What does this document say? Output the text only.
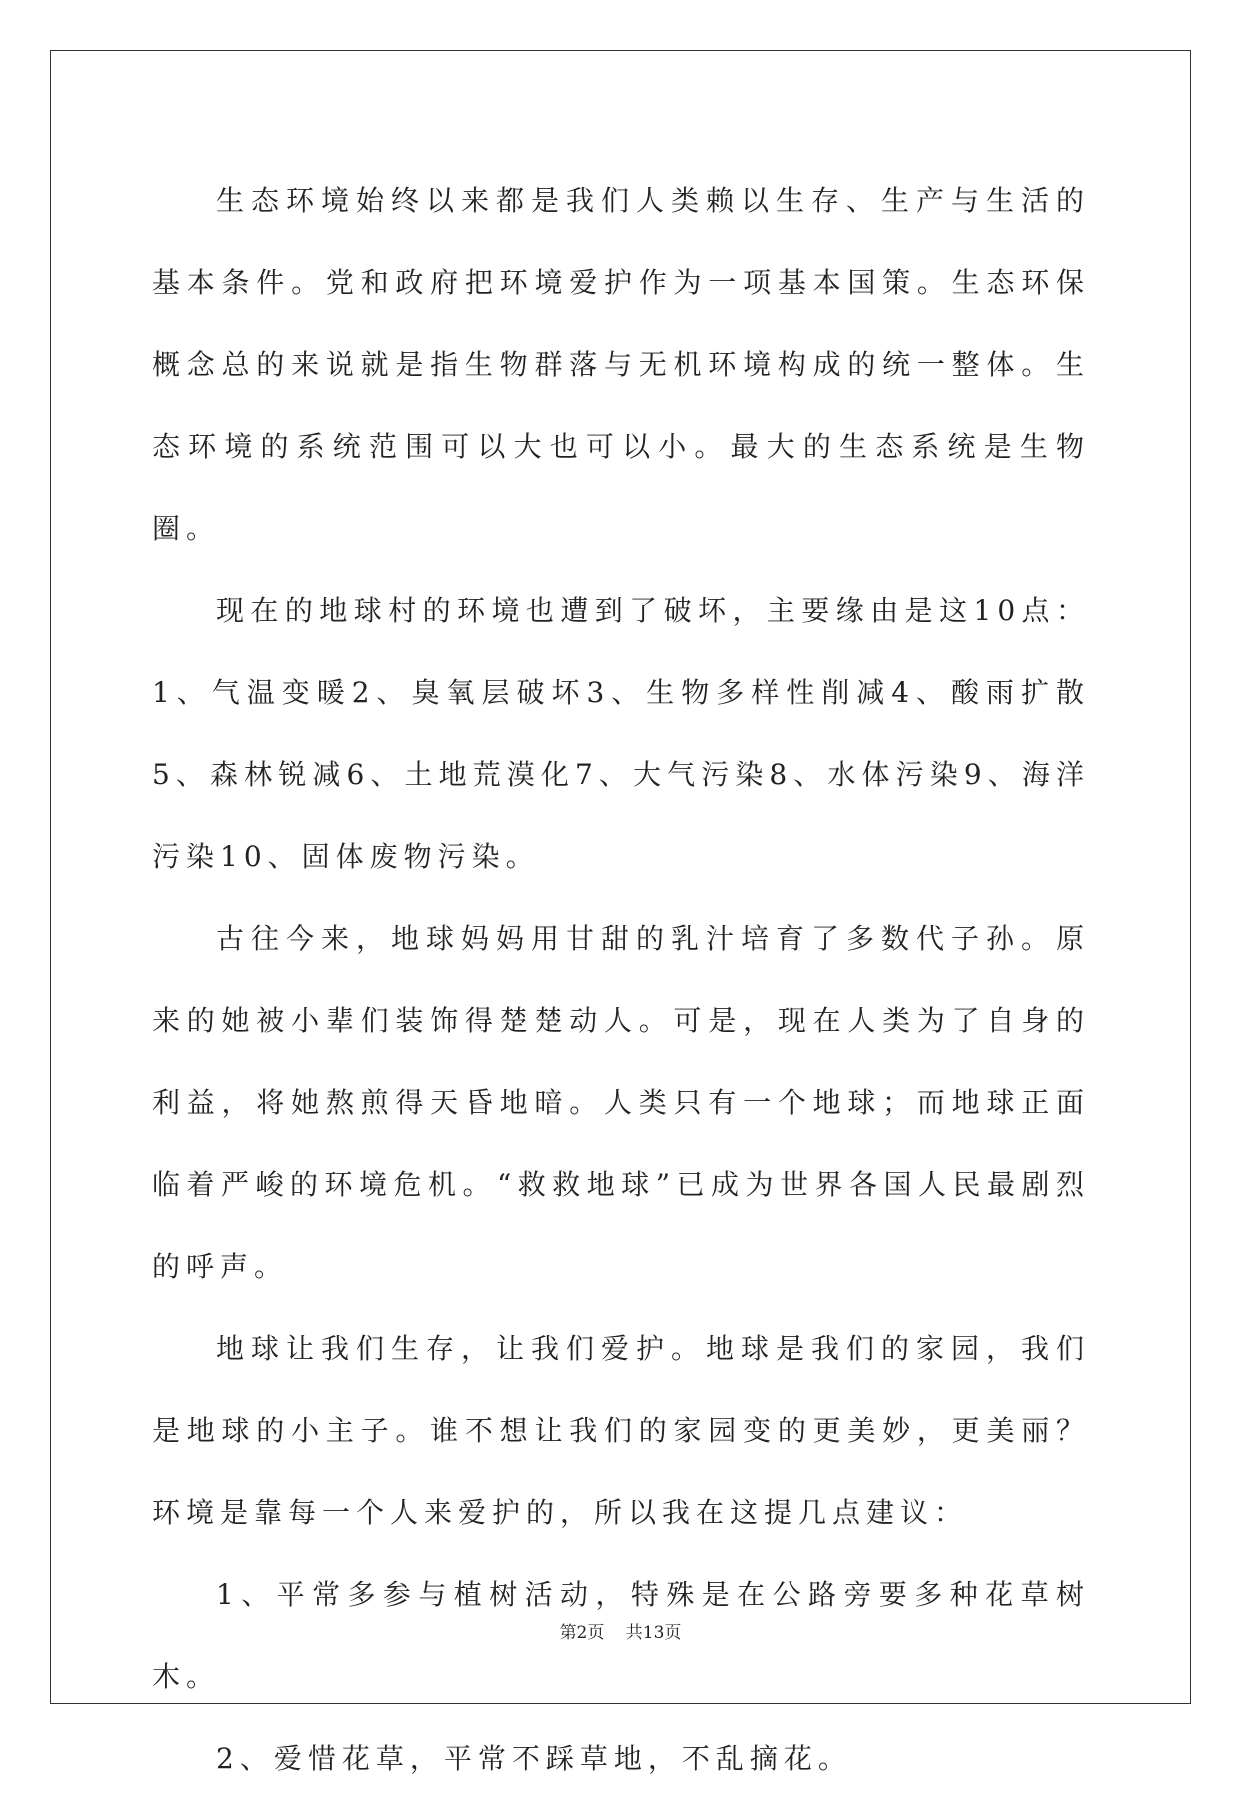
生态环境始终以来都是我们人类赖以生存、生产与生活的基本条件。党和政府把环境爱护作为一项基本国策。生态环保概念总的来说就是指生物群落与无机环境构成的统一整体。生态环境的系统范围可以大也可以小。最大的生态系统是生物圈。

现在的地球村的环境也遭到了破坏，主要缘由是这10点：1、气温变暖2、臭氧层破坏3、生物多样性削减4、酸雨扩散5、森林锐减6、土地荒漠化7、大气污染8、水体污染9、海洋污染10、固体废物污染。

古往今来，地球妈妈用甘甜的乳汁培育了多数代子孙。原来的她被小辈们装饰得楚楚动人。可是，现在人类为了自身的利益，将她熬煎得天昏地暗。人类只有一个地球；而地球正面临着严峻的环境危机。“救救地球”已成为世界各国人民最剧烈的呼声。

地球让我们生存，让我们爱护。地球是我们的家园，我们是地球的小主子。谁不想让我们的家园变的更美妙，更美丽？环境是靠每一个人来爱护的，所以我在这提几点建议：

1、平常多参与植树活动，特殊是在公路旁要多种花草树木。

2、爱惜花草，平常不踩草地，不乱摘花。

第2页 共13页
